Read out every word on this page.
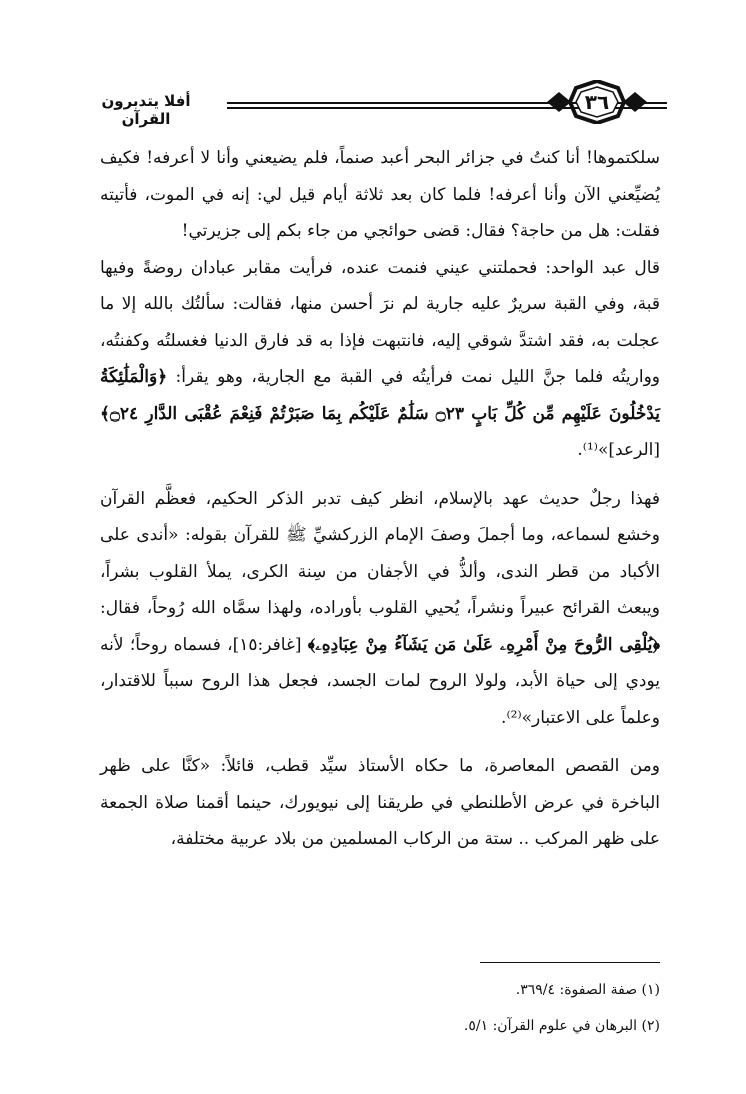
أفلا يتدبرون القرآن
٣٦

سلكتموها! أنا كنتُ في جزائر البحر أعبد صنماً، فلم يضيعني وأنا لا أعرفه! فكيف يُضيِّعني الآن وأنا أعرفه! فلما كان بعد ثلاثة أيام قيل لي: إنه في الموت، فأتيته فقلت: هل من حاجة؟ فقال: قضى حوائجي من جاء بكم إلى جزيرتي!

قال عبد الواحد: فحملتني عيني فنمت عنده، فرأيت مقابر عبادان روضةً وفيها قبة، وفي القبة سريرٌ عليه جارية لم نرَ أحسن منها، فقالت: سألتُك بالله إلا ما عجلت به، فقد اشتدَّ شوقي إليه، فانتبهت فإذا به قد فارق الدنيا فغسلتُه وكفنتُه، وواريتُه فلما جنَّ الليل نمت فرأيتُه في القبة مع الجارية، وهو يقرأ: ﴿وَالْمَلَٰئِكَةُ يَدْخُلُونَ عَلَيْهِم مِّن كُلِّ بَابٍ ۝٢٣ سَلَٰمٌ عَلَيْكُم بِمَا صَبَرْتُمْ فَنِعْمَ عُقْبَى الدَّارِ ۝٢٤﴾ [الرعد]»⁽¹⁾.

فهذا رجلٌ حديث عهد بالإسلام، انظر كيف تدبر الذكر الحكيم، فعظَّم القرآن وخشع لسماعه، وما أجملَ وصفَ الإمام الزركشيِّ ﷺ للقرآن بقوله: «أندى على الأكباد من قطر الندى، وألذُّ في الأجفان من سِنة الكرى، يملأ القلوب بشراً، ويبعث القرائح عبيراً ونشراً، يُحيي القلوب بأوراده، ولهذا سمَّاه الله رُوحاً، فقال: ﴿يُلْقِى الرُّوحَ مِنْ أَمْرِهِۦ عَلَىٰ مَن يَشَآءُ مِنْ عِبَادِهِۦ﴾ [غافر:١٥]، فسماه روحاً؛ لأنه يودي إلى حياة الأبد، ولولا الروح لمات الجسد، فجعل هذا الروح سبباً للاقتدار، وعلماً على الاعتبار»⁽²⁾.

ومن القصص المعاصرة، ما حكاه الأستاذ سيِّد قطب، قائلاً: «كنَّا على ظهر الباخرة في عرض الأطلنطي في طريقنا إلى نيويورك، حينما أقمنا صلاة الجمعة على ظهر المركب .. ستة من الركاب المسلمين من بلاد عربية مختلفة،

(١) صفة الصفوة: ٣٦٩/٤.
(٢) البرهان في علوم القرآن: ٥/١.
